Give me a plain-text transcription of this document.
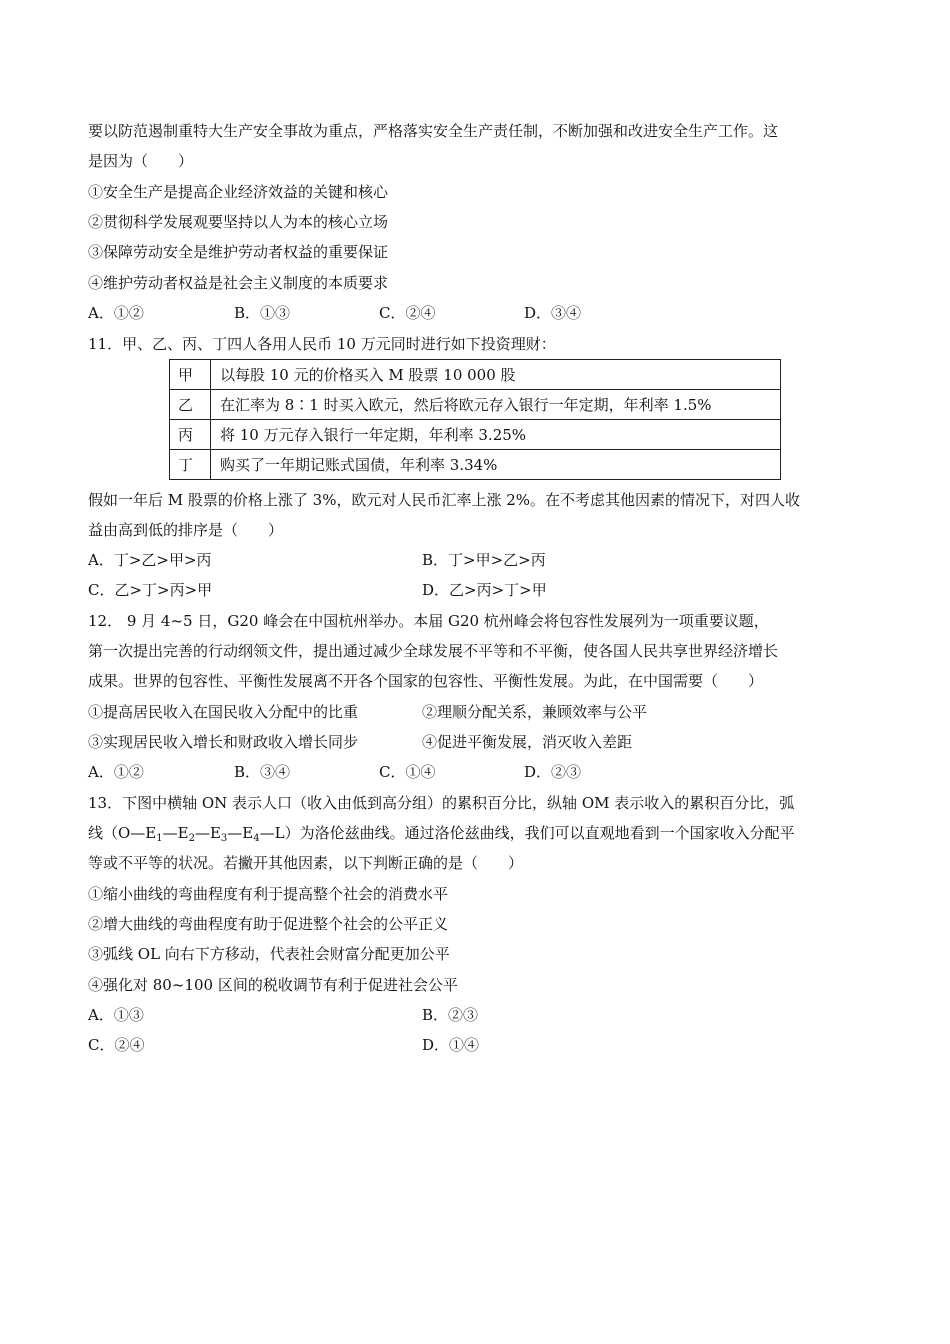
要以防范遏制重特大生产安全事故为重点，严格落实安全生产责任制，不断加强和改进安全生产工作。这
是因为（　　）
①安全生产是提高企业经济效益的关键和核心
②贯彻科学发展观要坚持以人为本的核心立场
③保障劳动安全是维护劳动者权益的重要保证
④维护劳动者权益是社会主义制度的本质要求
A．①②	B．①③	C．②④	D．③④
11．甲、乙、丙、丁四人各用人民币 10 万元同时进行如下投资理财：
甲	以每股 10 元的价格买入 M 股票 10 000 股
乙	在汇率为 8∶1 时买入欧元，然后将欧元存入银行一年定期，年利率 1.5%
丙	将 10 万元存入银行一年定期，年利率 3.25%
丁	购买了一年期记账式国债，年利率 3.34%
假如一年后 M 股票的价格上涨了 3%，欧元对人民币汇率上涨 2%。在不考虑其他因素的情况下，对四人收
益由高到低的排序是（　　）
A．丁>乙>甲>丙	B．丁>甲>乙>丙
C．乙>丁>丙>甲	D．乙>丙>丁>甲
12． 9 月 4~5 日，G20 峰会在中国杭州举办。本届 G20 杭州峰会将包容性发展列为一项重要议题，
第一次提出完善的行动纲领文件，提出通过减少全球发展不平等和不平衡，使各国人民共享世界经济增长
成果。世界的包容性、平衡性发展离不开各个国家的包容性、平衡性发展。为此，在中国需要（　　）
①提高居民收入在国民收入分配中的比重	②理顺分配关系，兼顾效率与公平
③实现居民收入增长和财政收入增长同步	④促进平衡发展，消灭收入差距
A．①②	B．③④	C．①④	D．②③
13．下图中横轴 ON 表示人口（收入由低到高分组）的累积百分比，纵轴 OM 表示收入的累积百分比，弧
线$(O—E_1—E_2—E_3—E_4—L)$为洛伦兹曲线。通过洛伦兹曲线，我们可以直观地看到一个国家收入分配平
等或不平等的状况。若撇开其他因素，以下判断正确的是（　　）
①缩小曲线的弯曲程度有利于提高整个社会的消费水平
②增大曲线的弯曲程度有助于促进整个社会的公平正义
③弧线 OL 向右下方移动，代表社会财富分配更加公平
④强化对 80~100 区间的税收调节有利于促进社会公平
A．①③	B．②③
C．②④	D．①④
